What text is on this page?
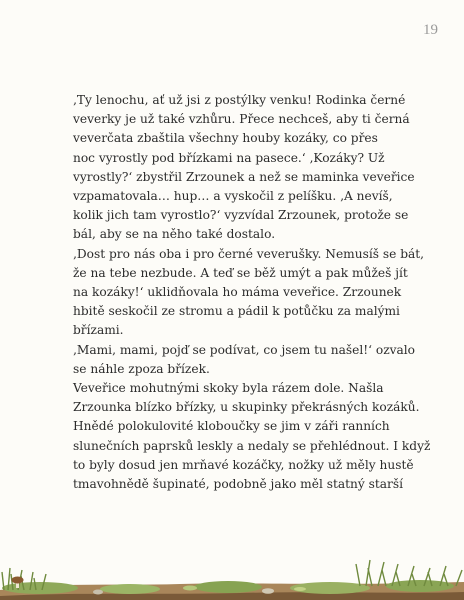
19
‚Ty lenochu, ať už jsi z postýlky venku! Rodinka černé
veverky je už také vzhůru. Přece nechceš, aby ti černá
veverčata zbaštila všechny houby kozáky, co přes
noc vyrostly pod břízkami na pasece.‘ ‚Kozáky? Už
vyrostly?‘ zbystřil Zrzounek a než se maminka veveřice
vzpamatovala… hup… a vyskočil z pelíšku. ‚A nevíš,
kolik jich tam vyrostlo?‘ vyzvídal Zrzounek, protože se
bál, aby se na něho také dostalo.
‚Dost pro nás oba i pro černé veverušky. Nemusíš se bát,
že na tebe nezbude. A teď se běž umýt a pak můžeš jít
na kozáky!‘ uklidňovala ho máma veveřice. Zrzounek
hbitě seskočil ze stromu a pádil k potůčku za malými
břízami.
‚Mami, mami, pojď se podívat, co jsem tu našel!‘ ozvalo
se náhle zpoza břízek.
Veveřice mohutnými skoky byla rázem dole. Našla
Zrzounka blízko břízky, u skupinky překrásných kozáků.
Hnědé polokulovité kloboučky se jim v záři ranních
slunečních paprsků leskly a nedaly se přehlédnout. I když
to byly dosud jen mrňavé kozáčky, nožky už měly hustě
tmavohnědě šupinaté, podobně jako měl statný starší
